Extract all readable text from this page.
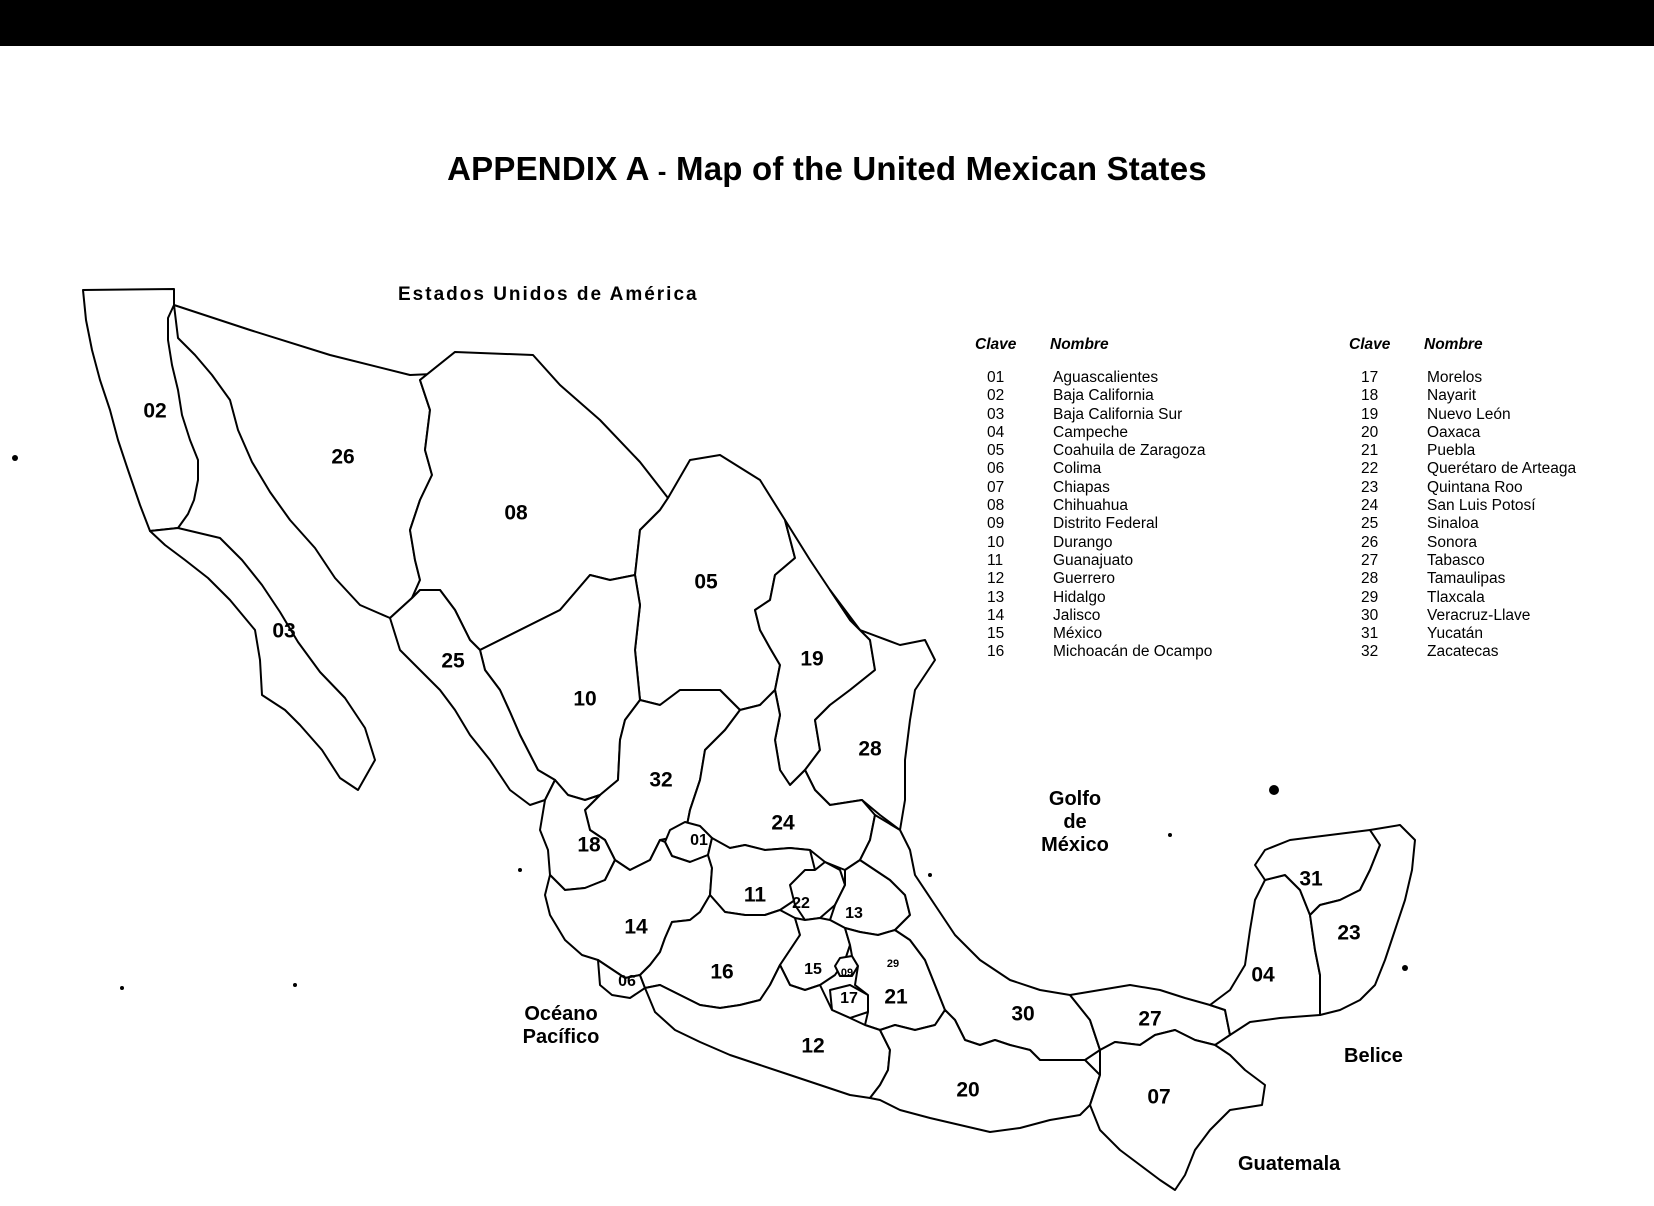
APPENDIX A - Map of the United Mexican States
02
26
08
05
03
25	19
10
28
32
24
18	01
11 22
13
14
15 09
29
16
06
17 21
30	27
12
20	07
04
31
23
Estados Unidos de América
Golfo
de
México
Océano
Pacífico
Belice
Guatemala
Clave Nombre
01	Aguascalientes
02	Baja California
03	Baja California Sur
04	Campeche
05	Coahuila de Zaragoza
06	Colima
07	Chiapas
08	Chihuahua
09	Distrito Federal
10	Durango
11	Guanajuato
12	Guerrero
13	Hidalgo
14	Jalisco
15	México
16	Michoacán de Ocampo
Clave Nombre
17	Morelos
18	Nayarit
19	Nuevo León
20	Oaxaca
21	Puebla
22	Querétaro de Arteaga
23	Quintana Roo
24	San Luis Potosí
25	Sinaloa
26	Sonora
27	Tabasco
28	Tamaulipas
29	Tlaxcala
30	Veracruz-Llave
31	Yucatán
32	Zacatecas
